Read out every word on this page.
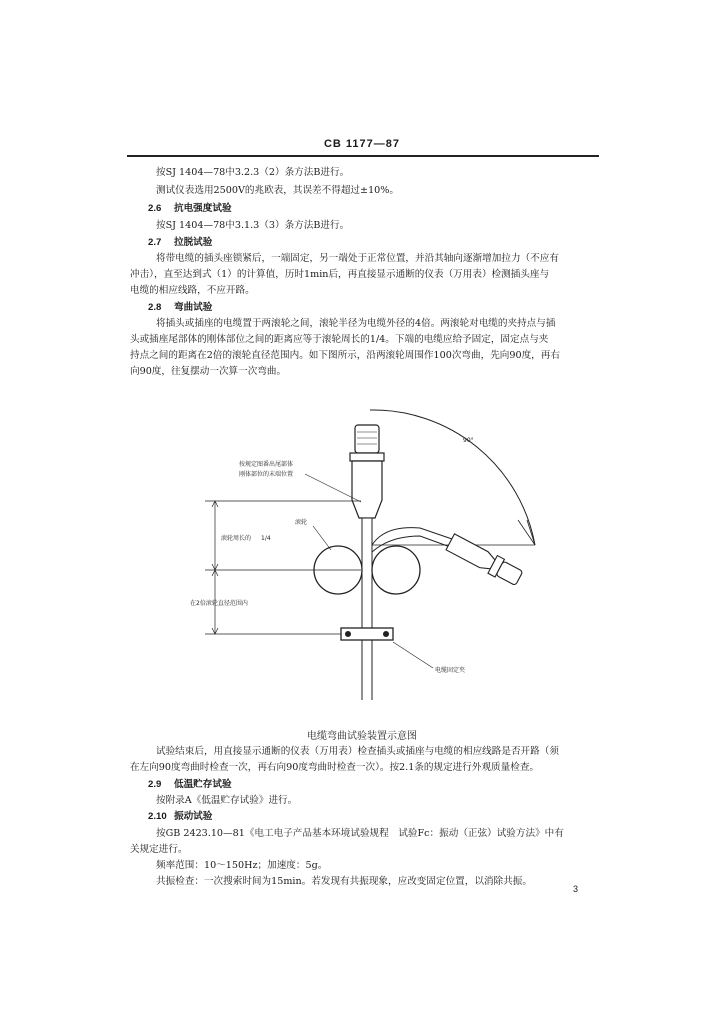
CB 1177—87
按SJ 1404—78中3.2.3（2）条方法B进行。
测试仪表选用2500V的兆欧表，其误差不得超过±10%。
2.6 抗电强度试验
按SJ 1404—78中3.1.3（3）条方法B进行。
2.7 拉脱试验
将带电缆的插头座锁紧后，一端固定，另一端处于正常位置，并沿其轴向逐渐增加拉力（不应有
冲击），直至达到式（1）的计算值，历时1min后，再直接显示通断的仪表（万用表）检测插头座与
电缆的相应线路，不应开路。
2.8 弯曲试验
将插头或插座的电缆置于两滚轮之间，滚轮半径为电缆外径的4倍。两滚轮对电缆的夹持点与插
头或插座尾部体的刚体部位之间的距离应等于滚轮周长的1/4。下端的电缆应给予固定，固定点与夹
持点之间的距离在2倍的滚轮直径范围内。如下图所示，沿两滚轮周围作100次弯曲，先向90度，再右
向90度，往复摆动一次算一次弯曲。
90°
按规定图番出尾部体
刚体部位的末端位置
滚轮
滚轮周长的 1/4
在2倍滚轮直径范围内
电缆固定夹
电缆弯曲试验装置示意图
试验结束后，用直接显示通断的仪表（万用表）检查插头或插座与电缆的相应线路是否开路（须
在左向90度弯曲时检查一次，再右向90度弯曲时检查一次）。按2.1条的规定进行外观质量检查。
2.9 低温贮存试验
按附录A《低温贮存试验》进行。
2.10 振动试验
按GB 2423.10—81《电工电子产品基本环境试验规程　试验Fc：振动（正弦）试验方法》中有
关规定进行。
频率范围：10～150Hz；加速度：5g。
共振检查：一次搜索时间为15min。若发现有共振现象，应改变固定位置，以消除共振。
3
